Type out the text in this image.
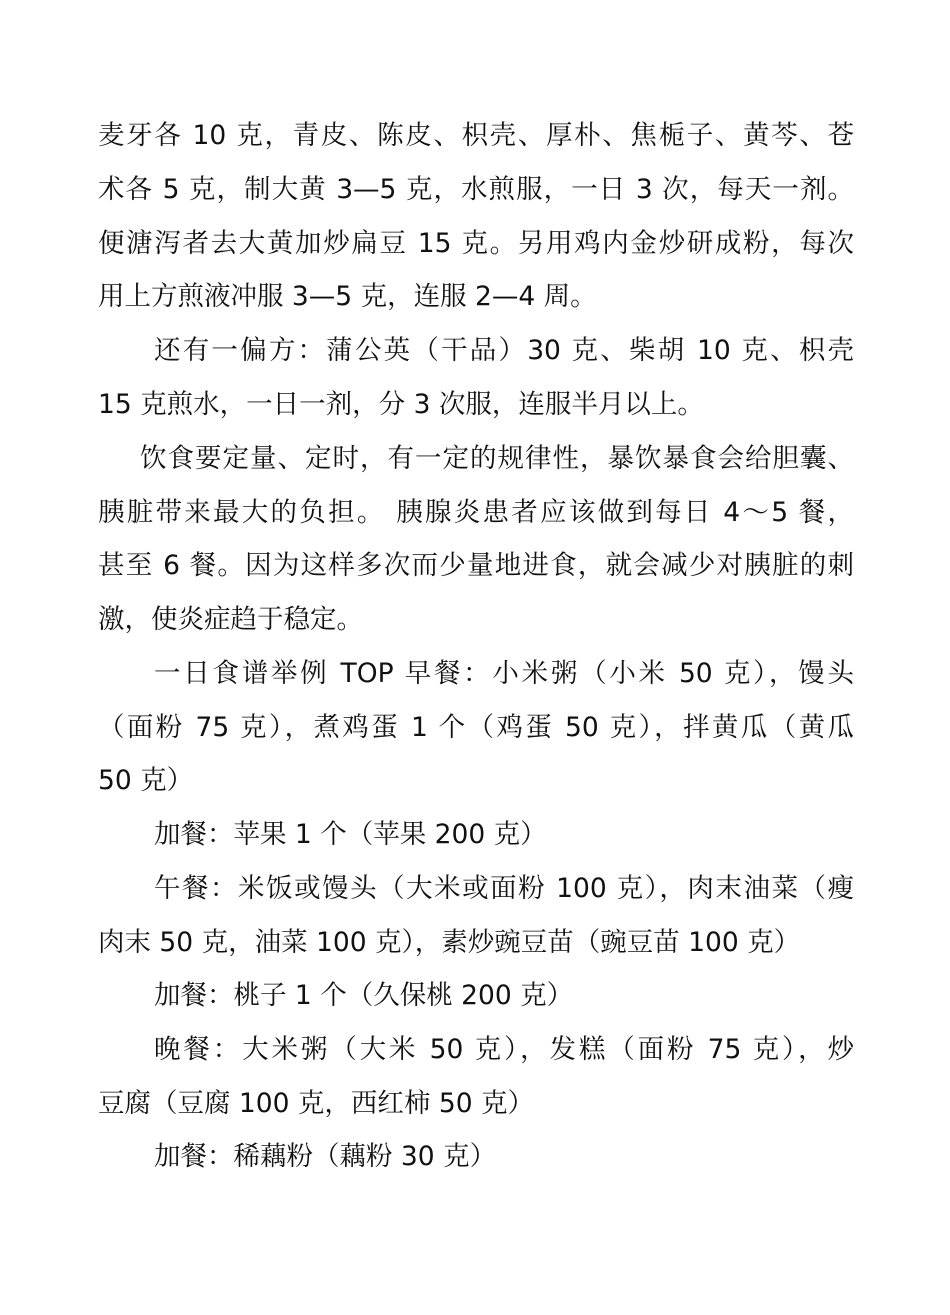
麦牙各 10 克，青皮、陈皮、枳壳、厚朴、焦栀子、黄芩、苍
术各 5 克，制大黄 3—5 克，水煎服，一日 3 次，每天一剂。
便溏泻者去大黄加炒扁豆 15 克。另用鸡内金炒研成粉，每次
用上方煎液冲服 3—5 克，连服 2—4 周。
还有一偏方：蒲公英（干品）30 克、柴胡 10 克、枳壳
15 克煎水，一日一剂，分 3 次服，连服半月以上。
饮食要定量、定时，有一定的规律性，暴饮暴食会给胆囊、
胰脏带来最大的负担。 胰腺炎患者应该做到每日 4～5 餐，
甚至 6 餐。因为这样多次而少量地进食，就会减少对胰脏的刺
激，使炎症趋于稳定。
一日食谱举例 TOP 早餐：小米粥（小米 50 克），馒头
（面粉 75 克），煮鸡蛋 1 个（鸡蛋 50 克），拌黄瓜（黄瓜
50 克）
加餐：苹果 1 个（苹果 200 克）
午餐：米饭或馒头（大米或面粉 100 克），肉末油菜（瘦
肉末 50 克，油菜 100 克），素炒豌豆苗（豌豆苗 100 克）
加餐：桃子 1 个（久保桃 200 克）
晚餐：大米粥（大米 50 克），发糕（面粉 75 克），炒
豆腐（豆腐 100 克，西红柿 50 克）
加餐：稀藕粉（藕粉 30 克）
